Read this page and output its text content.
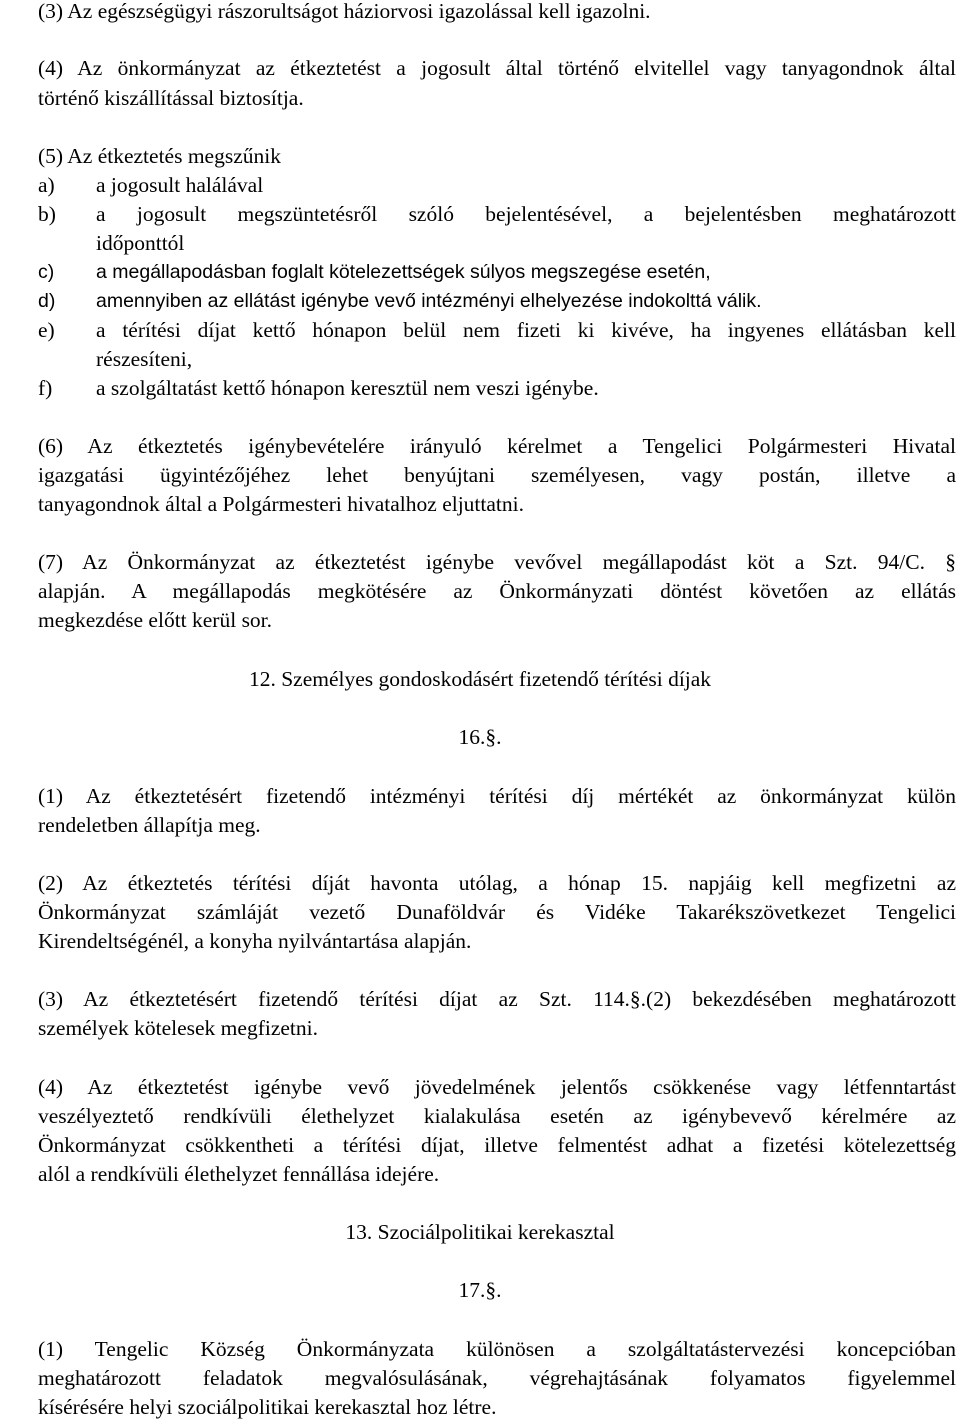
(3) Az egészségügyi rászorultságot háziorvosi igazolással kell igazolni.

(4) Az önkormányzat az étkeztetést a jogosult által történő elvitellel vagy tanyagondnok által

történő kiszállítással biztosítja.

(5) Az étkeztetés megszűnik

a) a jogosult halálával
b) a jogosult megszüntetésről szóló bejelentésével, a bejelentésben meghatározott
időponttól
c) a megállapodásban foglalt kötelezettségek súlyos megszegése esetén,
d) amennyiben az ellátást igénybe vevő intézményi elhelyezése indokolttá válik.
e) a térítési díjat kettő hónapon belül nem fizeti ki kivéve, ha ingyenes ellátásban kell
részesíteni,
f) a szolgáltatást kettő hónapon keresztül nem veszi igénybe.

(6) Az étkeztetés igénybevételére irányuló kérelmet a Tengelici Polgármesteri Hivatal

igazgatási ügyintézőjéhez lehet benyújtani személyesen, vagy postán, illetve a

tanyagondnok által a Polgármesteri hivatalhoz eljuttatni.

(7) Az Önkormányzat az étkeztetést igénybe vevővel megállapodást köt a Szt. 94/C. §

alapján. A megállapodás megkötésére az Önkormányzati döntést követően az ellátás

megkezdése előtt kerül sor.

12. Személyes gondoskodásért fizetendő térítési díjak

16.§.

(1) Az étkeztetésért fizetendő intézményi térítési díj mértékét az önkormányzat külön

rendeletben állapítja meg.

(2) Az étkeztetés térítési díját havonta utólag, a hónap 15. napjáig kell megfizetni az

Önkormányzat számláját vezető Dunaföldvár és Vidéke Takarékszövetkezet Tengelici

Kirendeltségénél, a konyha nyilvántartása alapján.

(3) Az étkeztetésért fizetendő térítési díjat az Szt. 114.§.(2) bekezdésében meghatározott

személyek kötelesek megfizetni.

(4) Az étkeztetést igénybe vevő jövedelmének jelentős csökkenése vagy létfenntartást

veszélyeztető rendkívüli élethelyzet kialakulása esetén az igénybevevő kérelmére az

Önkormányzat csökkentheti a térítési díjat, illetve felmentést adhat a fizetési kötelezettség

alól a rendkívüli élethelyzet fennállása idejére.

13. Szociálpolitikai kerekasztal

17.§.

(1) Tengelic Község Önkormányzata különösen a szolgáltatástervezési koncepcióban

meghatározott feladatok megvalósulásának, végrehajtásának folyamatos figyelemmel

kísérésére helyi szociálpolitikai kerekasztal hoz létre.
